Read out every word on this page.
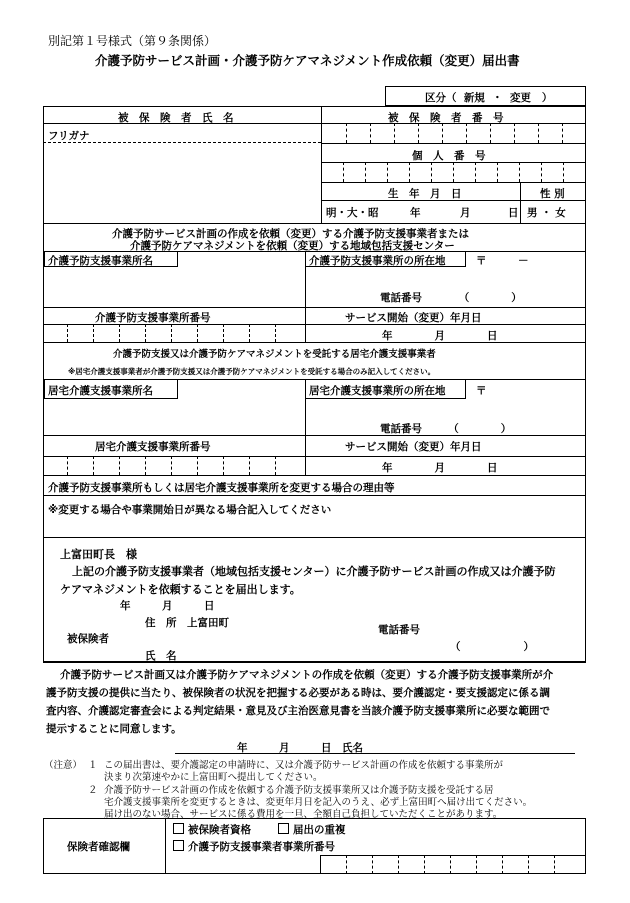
別記第１号様式（第９条関係）
介護予防サービス計画・介護予防ケアマネジメント作成依頼（変更）届出書
区分（ 新規 ・ 変更 ）
被　保　険　者　氏　名	被　保　険　者　番　号
フリガナ
個　人　番　号
生　年　月　日	性 別
明・大・昭	年	月	日 男 ・ 女
介護予防サービス計画の作成を依頼（変更）する介護予防支援事業者または
介護予防ケアマネジメントを依頼（変更）する地域包括支援センター
介護予防支援事業所名	介護予防支援事業所の所在地	〒　　　－
電話番号　　　　（　　　　）
介護予防支援事業所番号	サービス開始（変更）年月日
年　　　　月　　　　日
介護予防支援又は介護予防ケアマネジメントを受託する居宅介護支援事業者
※居宅介護支援事業者が介護予防支援又は介護予防ケアマネジメントを受託する場合のみ記入してください。
居宅介護支援事業所名	居宅介護支援事業所の所在地	〒
電話番号　　　（　　　　）
居宅介護支援事業所番号	サービス開始（変更）年月日
年　　　　月　　　　日
介護予防支援事業所もしくは居宅介護支援事業所を変更する場合の理由等
※変更する場合や事業開始日が異なる場合記入してください
上富田町長　様
上記の介護予防支援事業者（地域包括支援センター）に介護予防サービス計画の作成又は介護予防
ケアマネジメントを依頼することを届出します。
年　　　月　　　日
住　所　上富田町
被保険者
氏　名
電話番号
（　　　　　　）
介護予防サービス計画又は介護予防ケアマネジメントの作成を依頼（変更）する介護予防支援事業所が介
護予防支援の提供に当たり、被保険者の状況を把握する必要がある時は、要介護認定・要支援認定に係る調
査内容、介護認定審査会による判定結果・意見及び主治医意見書を当該介護予防支援事業所に必要な範囲で
提示することに同意します。
年　　　月　　　日　氏名
（注意） １ この届出書は、要介護認定の申請時に、又は介護予防サービス計画の作成を依頼する事業所が
決まり次第速やかに上富田町へ提出してください。
２ 介護予防サービス計画の作成を依頼する介護予防支援事業所又は介護予防支援を受託する居
宅介護支援事業所を変更するときは、変更年月日を記入のうえ、必ず上富田町へ届け出てください。
届け出のない場合、サービスに係る費用を一旦、全額自己負担していただくことがあります。
保険者確認欄
被保険者資格	届出の重複
介護予防支援事業者事業所番号
